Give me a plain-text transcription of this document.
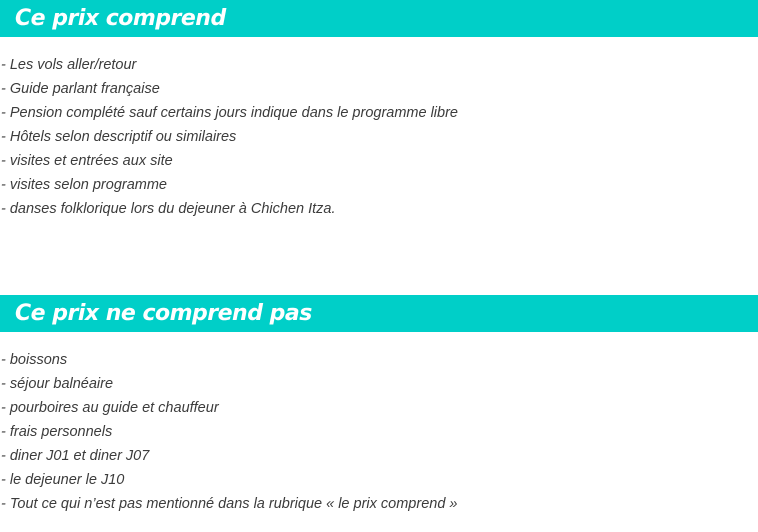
Ce prix comprend
- Les vols aller/retour
- Guide parlant française
- Pension complété sauf certains jours indique dans le programme libre
- Hôtels selon descriptif ou similaires
- visites et entrées aux site
- visites selon programme
- danses folklorique lors du dejeuner à Chichen Itza.
Ce prix ne comprend pas
- boissons
- séjour balnéaire
- pourboires au guide et chauffeur
- frais personnels
- diner J01 et diner J07
- le dejeuner le J10
- Tout ce qui n’est pas mentionné dans la rubrique « le prix comprend »
